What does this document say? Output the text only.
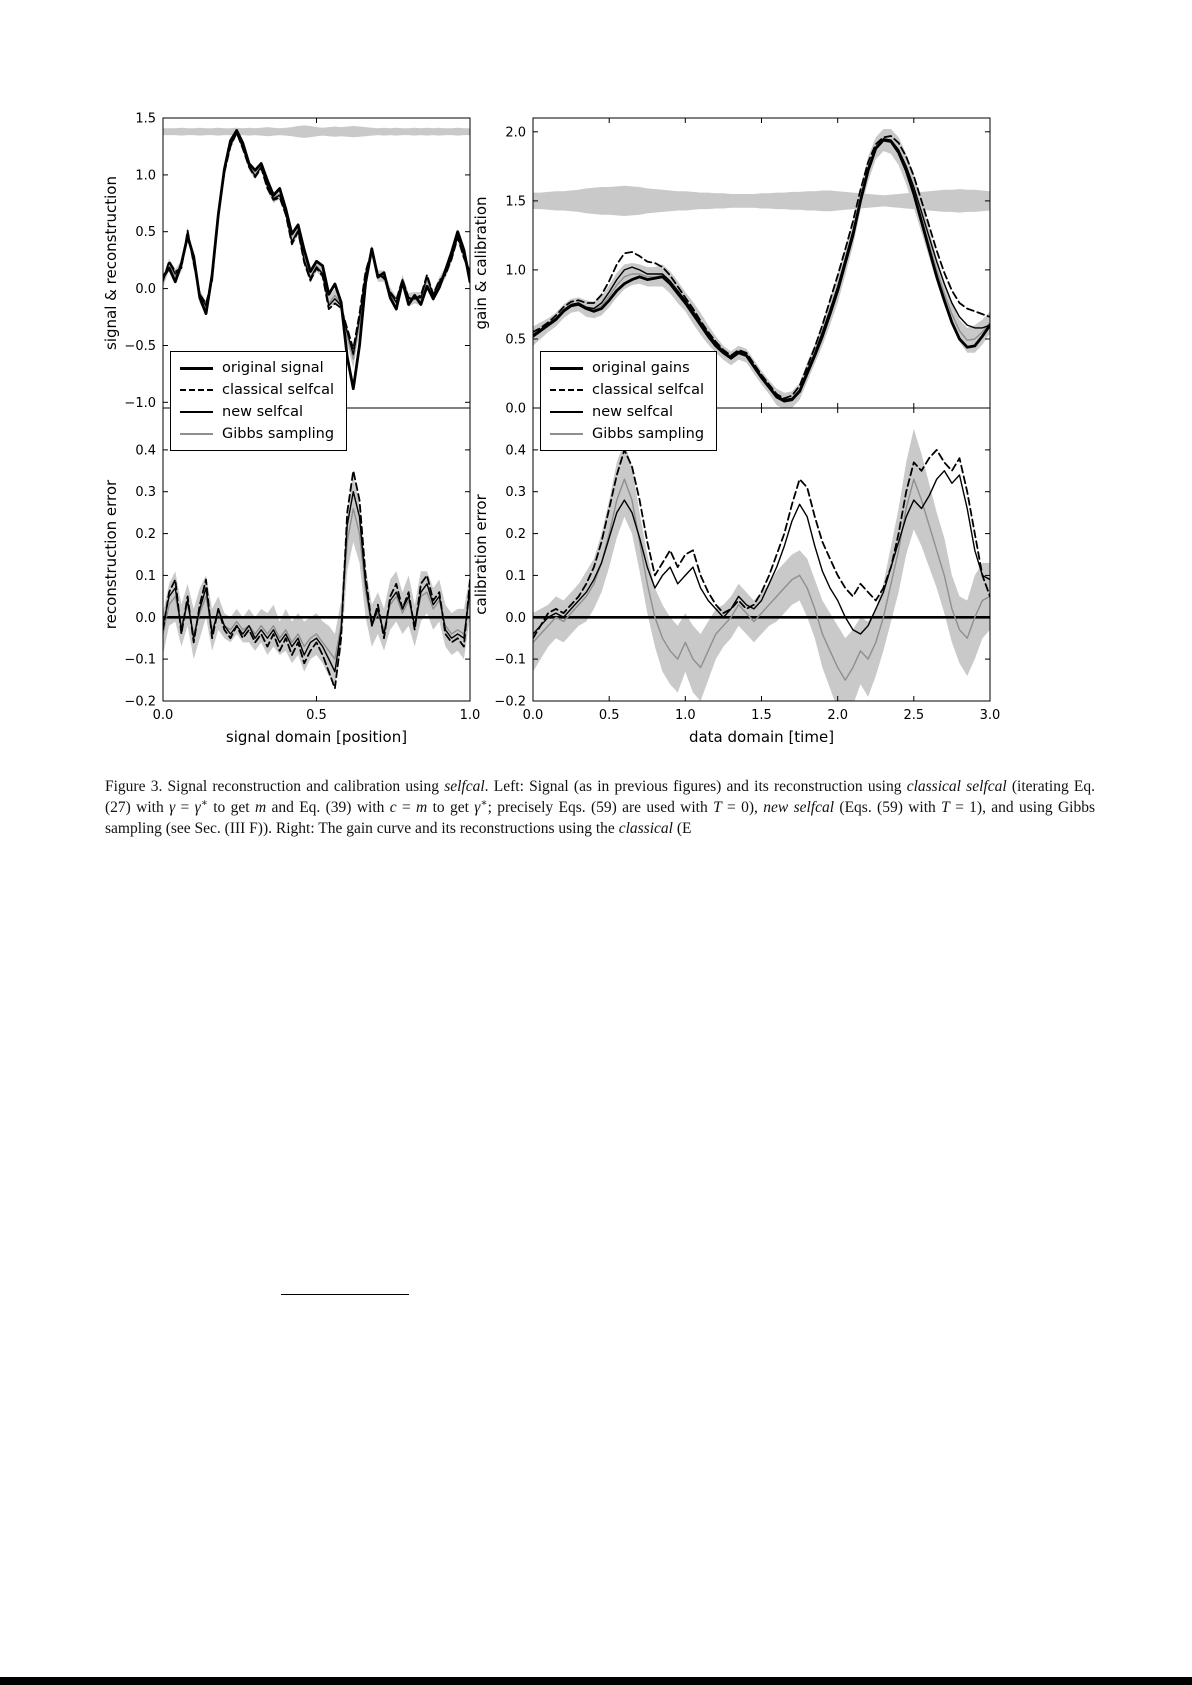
1.5
1.0
0.5
0.0
−0.5
−1.0
signal & reconstruction
0.0	0.5	1.0
0.4
0.3
0.2
0.1
0.0
−0.1
−0.2
reconstruction error
signal domain [position]
2.0
1.5
1.0
0.5
0.0
gain & calibration
0.0	0.5	1.0	1.5	2.0	2.5	3.0
0.4
0.3
0.2
0.1
0.0
−0.1
−0.2
calibration error
data domain [time]
original signal
classical selfcal
new selfcal
Gibbs sampling
original gains
classical selfcal
new selfcal
Gibbs sampling

Figure 3. Signal reconstruction and calibration using selfcal. Left: Signal (as in previous figures) and its reconstruction using classical selfcal (iterating Eq. (27) with γ = γ∗ to get m and Eq. (39) with c = m to get γ∗; precisely Eqs. (59) are used with T = 0), new selfcal (Eqs. (59) with T = 1), and using Gibbs sampling (see Sec. (III F)). Right: The gain curve and its reconstructions using the classical (E
